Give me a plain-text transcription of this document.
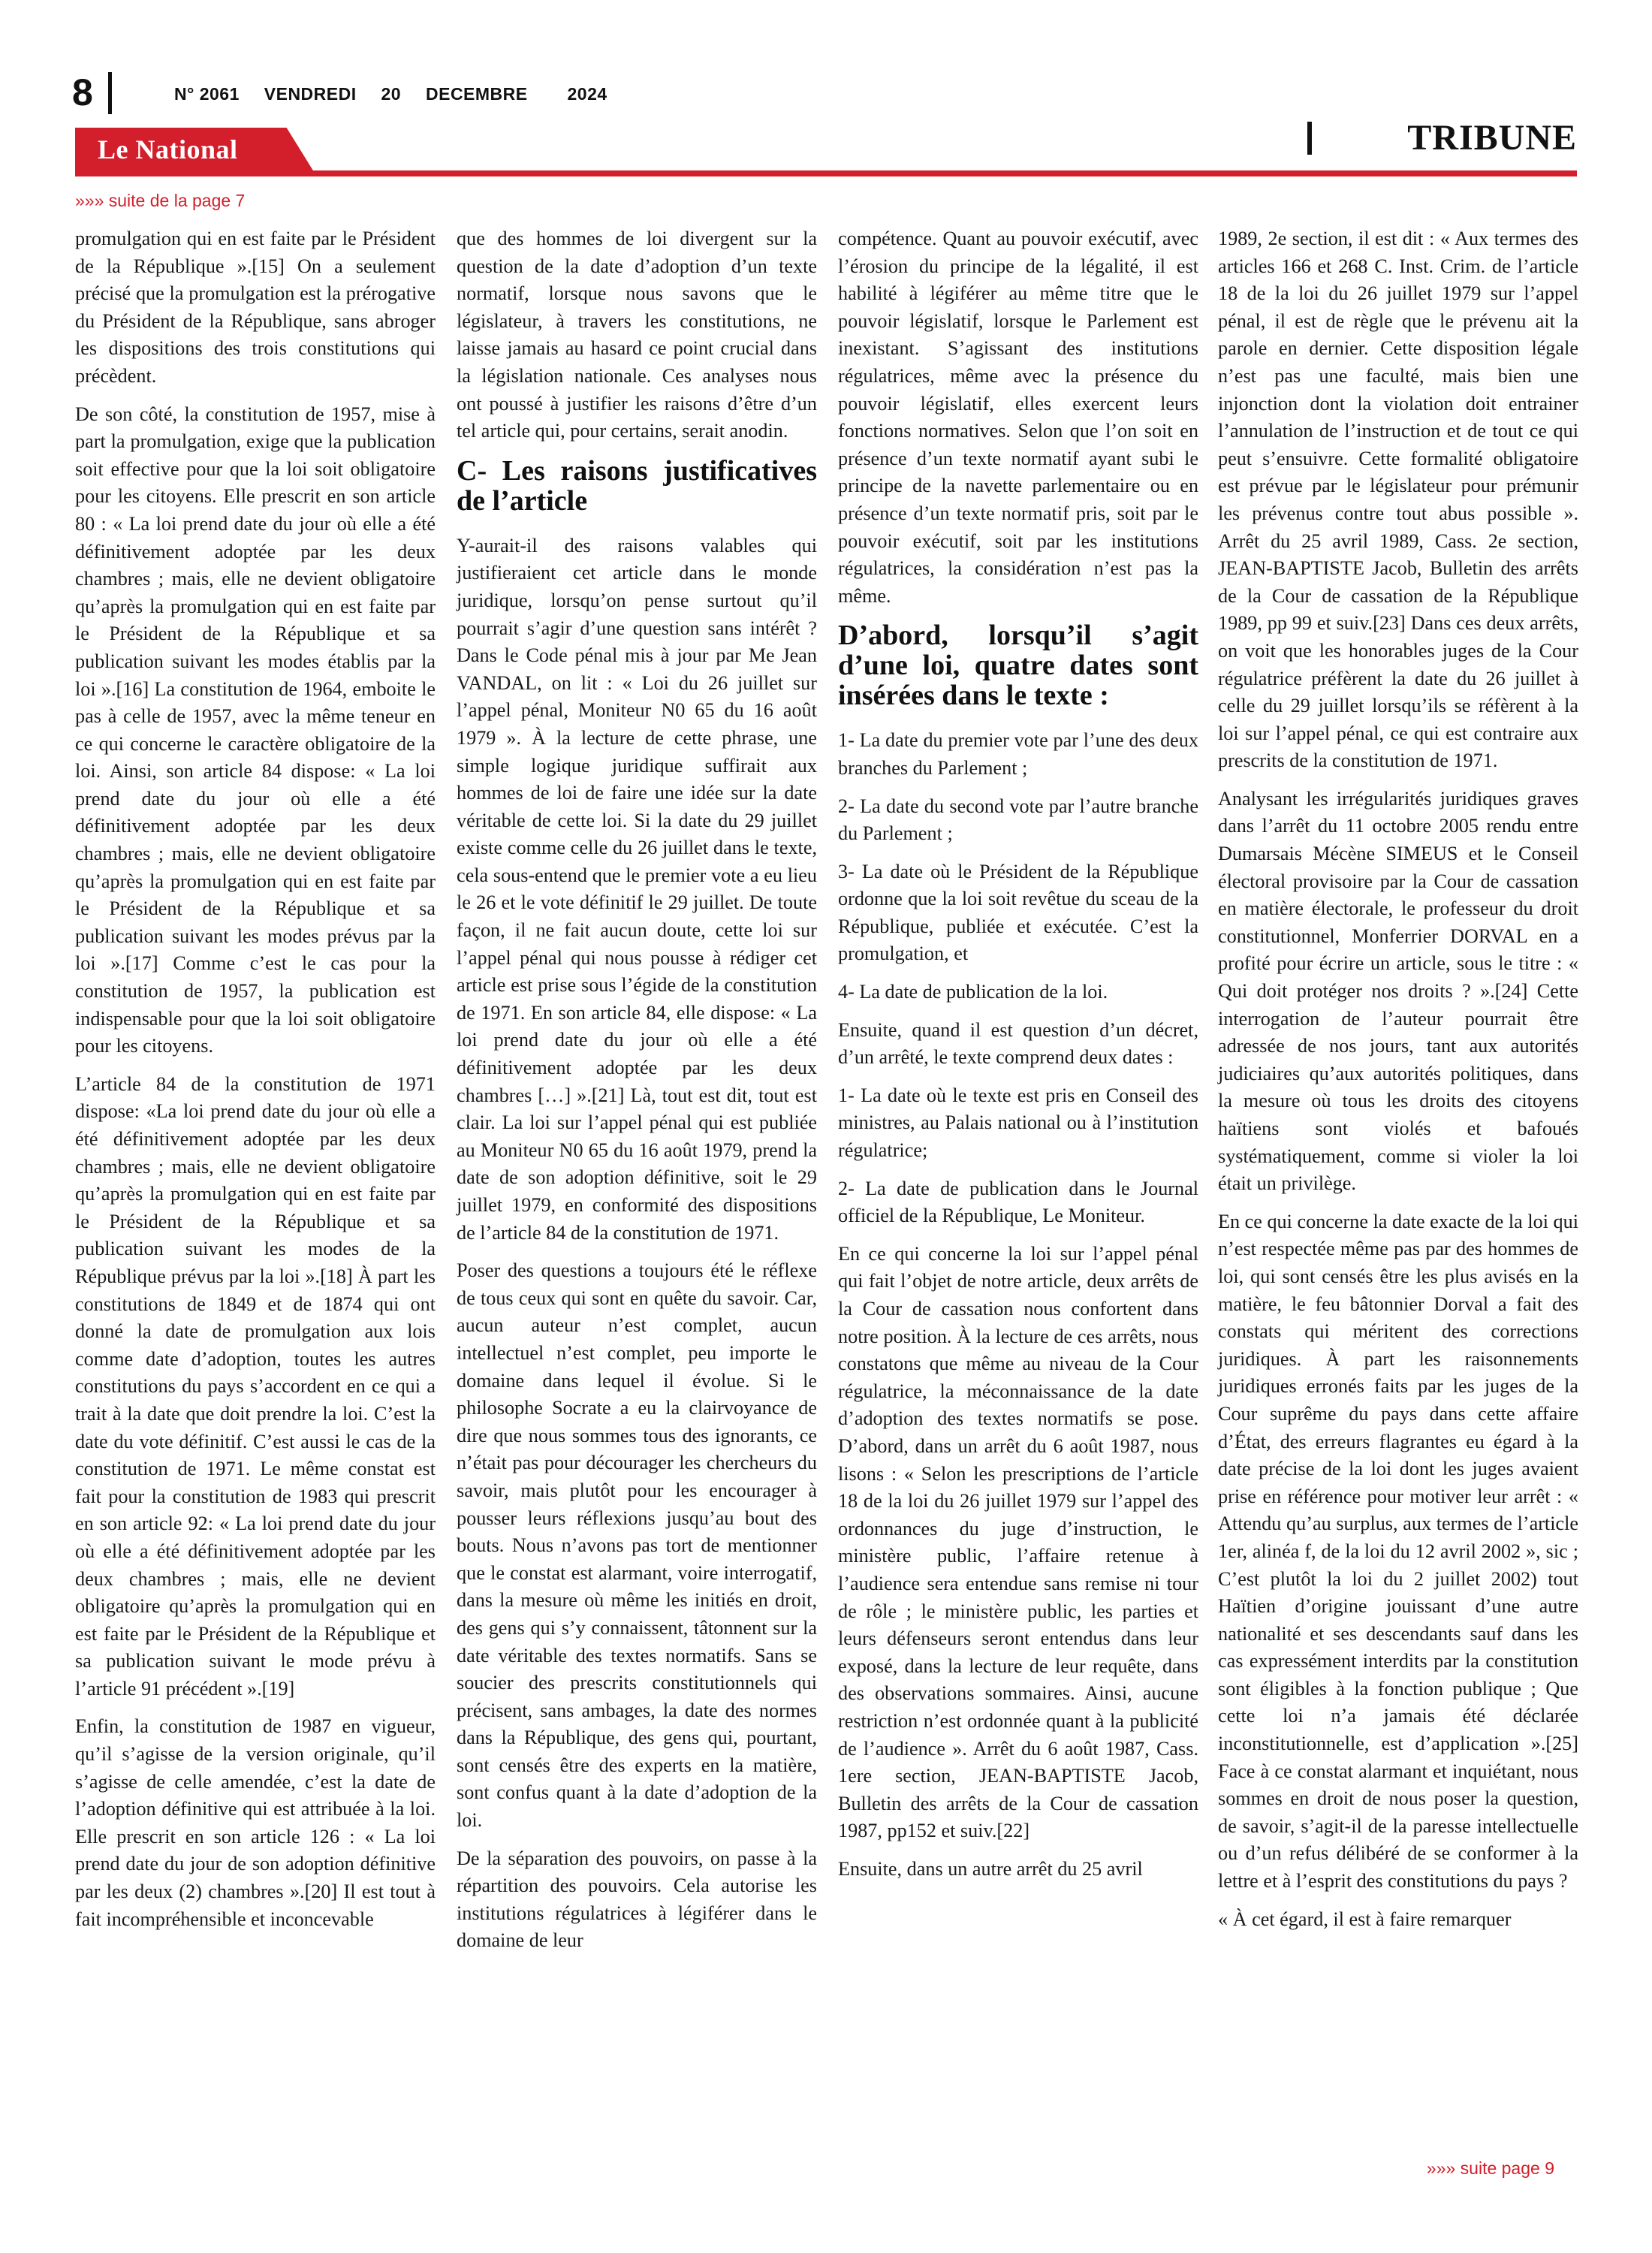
8	N° 2061 VENDREDI 20 DECEMBRE 2024
Le National	TRIBUNE
»»» suite de la page 7

promulgation qui en est faite par le Président de la République ».[15] On a seulement précisé que la promulgation est la prérogative du Président de la République, sans abroger les dispositions des trois constitutions qui précèdent.

De son côté, la constitution de 1957, mise à part la promulgation, exige que la publication soit effective pour que la loi soit obligatoire pour les citoyens. Elle prescrit en son article 80 : « La loi prend date du jour où elle a été définitivement adoptée par les deux chambres ; mais, elle ne devient obligatoire qu’après la promulgation qui en est faite par le Président de la République et sa publication suivant les modes établis par la loi ».[16] La constitution de 1964, emboite le pas à celle de 1957, avec la même teneur en ce qui concerne le caractère obligatoire de la loi. Ainsi, son article 84 dispose: « La loi prend date du jour où elle a été définitivement adoptée par les deux chambres ; mais, elle ne devient obligatoire qu’après la promulgation qui en est faite par le Président de la République et sa publication suivant les modes prévus par la loi ».[17] Comme c’est le cas pour la constitution de 1957, la publication est indispensable pour que la loi soit obligatoire pour les citoyens.

L’article 84 de la constitution de 1971 dispose: «La loi prend date du jour où elle a été définitivement adoptée par les deux chambres ; mais, elle ne devient obligatoire qu’après la promulgation qui en est faite par le Président de la République et sa publication suivant les modes de la République prévus par la loi ».[18] À part les constitutions de 1849 et de 1874 qui ont donné la date de promulgation aux lois comme date d’adoption, toutes les autres constitutions du pays s’accordent en ce qui a trait à la date que doit prendre la loi. C’est la date du vote définitif. C’est aussi le cas de la constitution de 1971. Le même constat est fait pour la constitution de 1983 qui prescrit en son article 92: « La loi prend date du jour où elle a été définitivement adoptée par les deux chambres ; mais, elle ne devient obligatoire qu’après la promulgation qui en est faite par le Président de la République et sa publication suivant le mode prévu à l’article 91 précédent ».[19]

Enfin, la constitution de 1987 en vigueur, qu’il s’agisse de la version originale, qu’il s’agisse de celle amendée, c’est la date de l’adoption définitive qui est attribuée à la loi. Elle prescrit en son article 126 : « La loi prend date du jour de son adoption définitive par les deux (2) chambres ».[20] Il est tout à fait incompréhensible et inconcevable

que des hommes de loi divergent sur la question de la date d’adoption d’un texte normatif, lorsque nous savons que le législateur, à travers les constitutions, ne laisse jamais au hasard ce point crucial dans la législation nationale. Ces analyses nous ont poussé à justifier les raisons d’être d’un tel article qui, pour certains, serait anodin.

C- Les raisons justificatives de l’article

Y-aurait-il des raisons valables qui justifieraient cet article dans le monde juridique, lorsqu’on pense surtout qu’il pourrait s’agir d’une question sans intérêt ? Dans le Code pénal mis à jour par Me Jean VANDAL, on lit : « Loi du 26 juillet sur l’appel pénal, Moniteur N0 65 du 16 août 1979 ». À la lecture de cette phrase, une simple logique juridique suffirait aux hommes de loi de faire une idée sur la date véritable de cette loi. Si la date du 29 juillet existe comme celle du 26 juillet dans le texte, cela sous-entend que le premier vote a eu lieu le 26 et le vote définitif le 29 juillet. De toute façon, il ne fait aucun doute, cette loi sur l’appel pénal qui nous pousse à rédiger cet article est prise sous l’égide de la constitution de 1971. En son article 84, elle dispose: « La loi prend date du jour où elle a été définitivement adoptée par les deux chambres […] ».[21] Là, tout est dit, tout est clair. La loi sur l’appel pénal qui est publiée au Moniteur N0 65 du 16 août 1979, prend la date de son adoption définitive, soit le 29 juillet 1979, en conformité des dispositions de l’article 84 de la constitution de 1971.

Poser des questions a toujours été le réflexe de tous ceux qui sont en quête du savoir. Car, aucun auteur n’est complet, aucun intellectuel n’est complet, peu importe le domaine dans lequel il évolue. Si le philosophe Socrate a eu la clairvoyance de dire que nous sommes tous des ignorants, ce n’était pas pour décourager les chercheurs du savoir, mais plutôt pour les encourager à pousser leurs réflexions jusqu’au bout des bouts. Nous n’avons pas tort de mentionner que le constat est alarmant, voire interrogatif, dans la mesure où même les initiés en droit, des gens qui s’y connaissent, tâtonnent sur la date véritable des textes normatifs. Sans se soucier des prescrits constitutionnels qui précisent, sans ambages, la date des normes dans la République, des gens qui, pourtant, sont censés être des experts en la matière, sont confus quant à la date d’adoption de la loi.

De la séparation des pouvoirs, on passe à la répartition des pouvoirs. Cela autorise les institutions régulatrices à légiférer dans le domaine de leur

compétence. Quant au pouvoir exécutif, avec l’érosion du principe de la légalité, il est habilité à légiférer au même titre que le pouvoir législatif, lorsque le Parlement est inexistant. S’agissant des institutions régulatrices, même avec la présence du pouvoir législatif, elles exercent leurs fonctions normatives. Selon que l’on soit en présence d’un texte normatif ayant subi le principe de la navette parlementaire ou en présence d’un texte normatif pris, soit par le pouvoir exécutif, soit par les institutions régulatrices, la considération n’est pas la même.

D’abord, lorsqu’il s’agit d’une loi, quatre dates sont insérées dans le texte :

1- La date du premier vote par l’une des deux branches du Parlement ;

2- La date du second vote par l’autre branche du Parlement ;

3- La date où le Président de la République ordonne que la loi soit revêtue du sceau de la République, publiée et exécutée. C’est la promulgation, et

4- La date de publication de la loi.

Ensuite, quand il est question d’un décret, d’un arrêté, le texte comprend deux dates :

1- La date où le texte est pris en Conseil des ministres, au Palais national ou à l’institution régulatrice;

2- La date de publication dans le Journal officiel de la République, Le Moniteur.

En ce qui concerne la loi sur l’appel pénal qui fait l’objet de notre article, deux arrêts de la Cour de cassation nous confortent dans notre position. À la lecture de ces arrêts, nous constatons que même au niveau de la Cour régulatrice, la méconnaissance de la date d’adoption des textes normatifs se pose. D’abord, dans un arrêt du 6 août 1987, nous lisons : « Selon les prescriptions de l’article 18 de la loi du 26 juillet 1979 sur l’appel des ordonnances du juge d’instruction, le ministère public, l’affaire retenue à l’audience sera entendue sans remise ni tour de rôle ; le ministère public, les parties et leurs défenseurs seront entendus dans leur exposé, dans la lecture de leur requête, dans des observations sommaires. Ainsi, aucune restriction n’est ordonnée quant à la publicité de l’audience ». Arrêt du 6 août 1987, Cass. 1ere section, JEAN-BAPTISTE Jacob, Bulletin des arrêts de la Cour de cassation 1987, pp152 et suiv.[22]

Ensuite, dans un autre arrêt du 25 avril

1989, 2e section, il est dit : « Aux termes des articles 166 et 268 C. Inst. Crim. de l’article 18 de la loi du 26 juillet 1979 sur l’appel pénal, il est de règle que le prévenu ait la parole en dernier. Cette disposition légale n’est pas une faculté, mais bien une injonction dont la violation doit entrainer l’annulation de l’instruction et de tout ce qui peut s’ensuivre. Cette formalité obligatoire est prévue par le législateur pour prémunir les prévenus contre tout abus possible ». Arrêt du 25 avril 1989, Cass. 2e section, JEAN-BAPTISTE Jacob, Bulletin des arrêts de la Cour de cassation de la République 1989, pp 99 et suiv.[23] Dans ces deux arrêts, on voit que les honorables juges de la Cour régulatrice préfèrent la date du 26 juillet à celle du 29 juillet lorsqu’ils se réfèrent à la loi sur l’appel pénal, ce qui est contraire aux prescrits de la constitution de 1971.

Analysant les irrégularités juridiques graves dans l’arrêt du 11 octobre 2005 rendu entre Dumarsais Mécène SIMEUS et le Conseil électoral provisoire par la Cour de cassation en matière électorale, le professeur du droit constitutionnel, Monferrier DORVAL en a profité pour écrire un article, sous le titre : « Qui doit protéger nos droits ? ».[24] Cette interrogation de l’auteur pourrait être adressée de nos jours, tant aux autorités judiciaires qu’aux autorités politiques, dans la mesure où tous les droits des citoyens haïtiens sont violés et bafoués systématiquement, comme si violer la loi était un privilège.

En ce qui concerne la date exacte de la loi qui n’est respectée même pas par des hommes de loi, qui sont censés être les plus avisés en la matière, le feu bâtonnier Dorval a fait des constats qui méritent des corrections juridiques. À part les raisonnements juridiques erronés faits par les juges de la Cour suprême du pays dans cette affaire d’État, des erreurs flagrantes eu égard à la date précise de la loi dont les juges avaient prise en référence pour motiver leur arrêt : « Attendu qu’au surplus, aux termes de l’article 1er, alinéa f, de la loi du 12 avril 2002 », sic ; C’est plutôt la loi du 2 juillet 2002) tout Haïtien d’origine jouissant d’une autre nationalité et ses descendants sauf dans les cas expressément interdits par la constitution sont éligibles à la fonction publique ; Que cette loi n’a jamais été déclarée inconstitutionnelle, est d’application ».[25] Face à ce constat alarmant et inquiétant, nous sommes en droit de nous poser la question, de savoir, s’agit-il de la paresse intellectuelle ou d’un refus délibéré de se conformer à la lettre et à l’esprit des constitutions du pays ?

« À cet égard, il est à faire remarquer

»»» suite page 9
